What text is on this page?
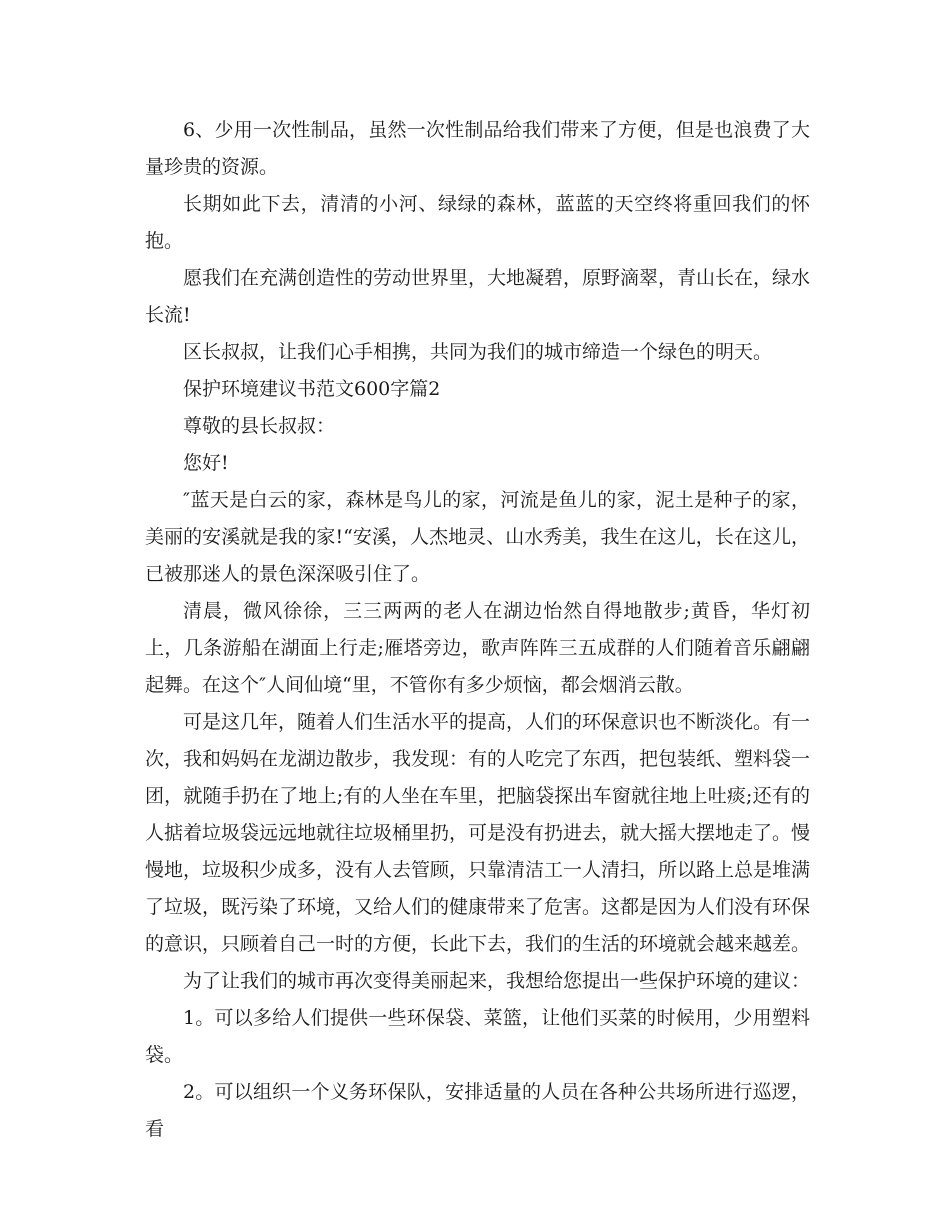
6、少用一次性制品，虽然一次性制品给我们带来了方便，但是也浪费了大量珍贵的资源。

长期如此下去，清清的小河、绿绿的森林，蓝蓝的天空终将重回我们的怀抱。

愿我们在充满创造性的劳动世界里，大地凝碧，原野滴翠，青山长在，绿水长流!

区长叔叔，让我们心手相携，共同为我们的城市缔造一个绿色的明天。

保护环境建议书范文600字篇2

尊敬的县长叔叔：

您好!

″蓝天是白云的家，森林是鸟儿的家，河流是鱼儿的家，泥土是种子的家，美丽的安溪就是我的家!“安溪，人杰地灵、山水秀美，我生在这儿，长在这儿，已被那迷人的景色深深吸引住了。

清晨，微风徐徐，三三两两的老人在湖边怡然自得地散步;黄昏，华灯初上，几条游船在湖面上行走;雁塔旁边，歌声阵阵三五成群的人们随着音乐翩翩起舞。在这个″人间仙境“里，不管你有多少烦恼，都会烟消云散。

可是这几年，随着人们生活水平的提高，人们的环保意识也不断淡化。有一次，我和妈妈在龙湖边散步，我发现：有的人吃完了东西，把包装纸、塑料袋一团，就随手扔在了地上;有的人坐在车里，把脑袋探出车窗就往地上吐痰;还有的人掂着垃圾袋远远地就往垃圾桶里扔，可是没有扔进去，就大摇大摆地走了。慢慢地，垃圾积少成多，没有人去管顾，只靠清洁工一人清扫，所以路上总是堆满了垃圾，既污染了环境，又给人们的健康带来了危害。这都是因为人们没有环保的意识，只顾着自己一时的方便，长此下去，我们的生活的环境就会越来越差。

为了让我们的城市再次变得美丽起来，我想给您提出一些保护环境的建议：

1。可以多给人们提供一些环保袋、菜篮，让他们买菜的时候用，少用塑料袋。

2。可以组织一个义务环保队，安排适量的人员在各种公共场所进行巡逻，看
